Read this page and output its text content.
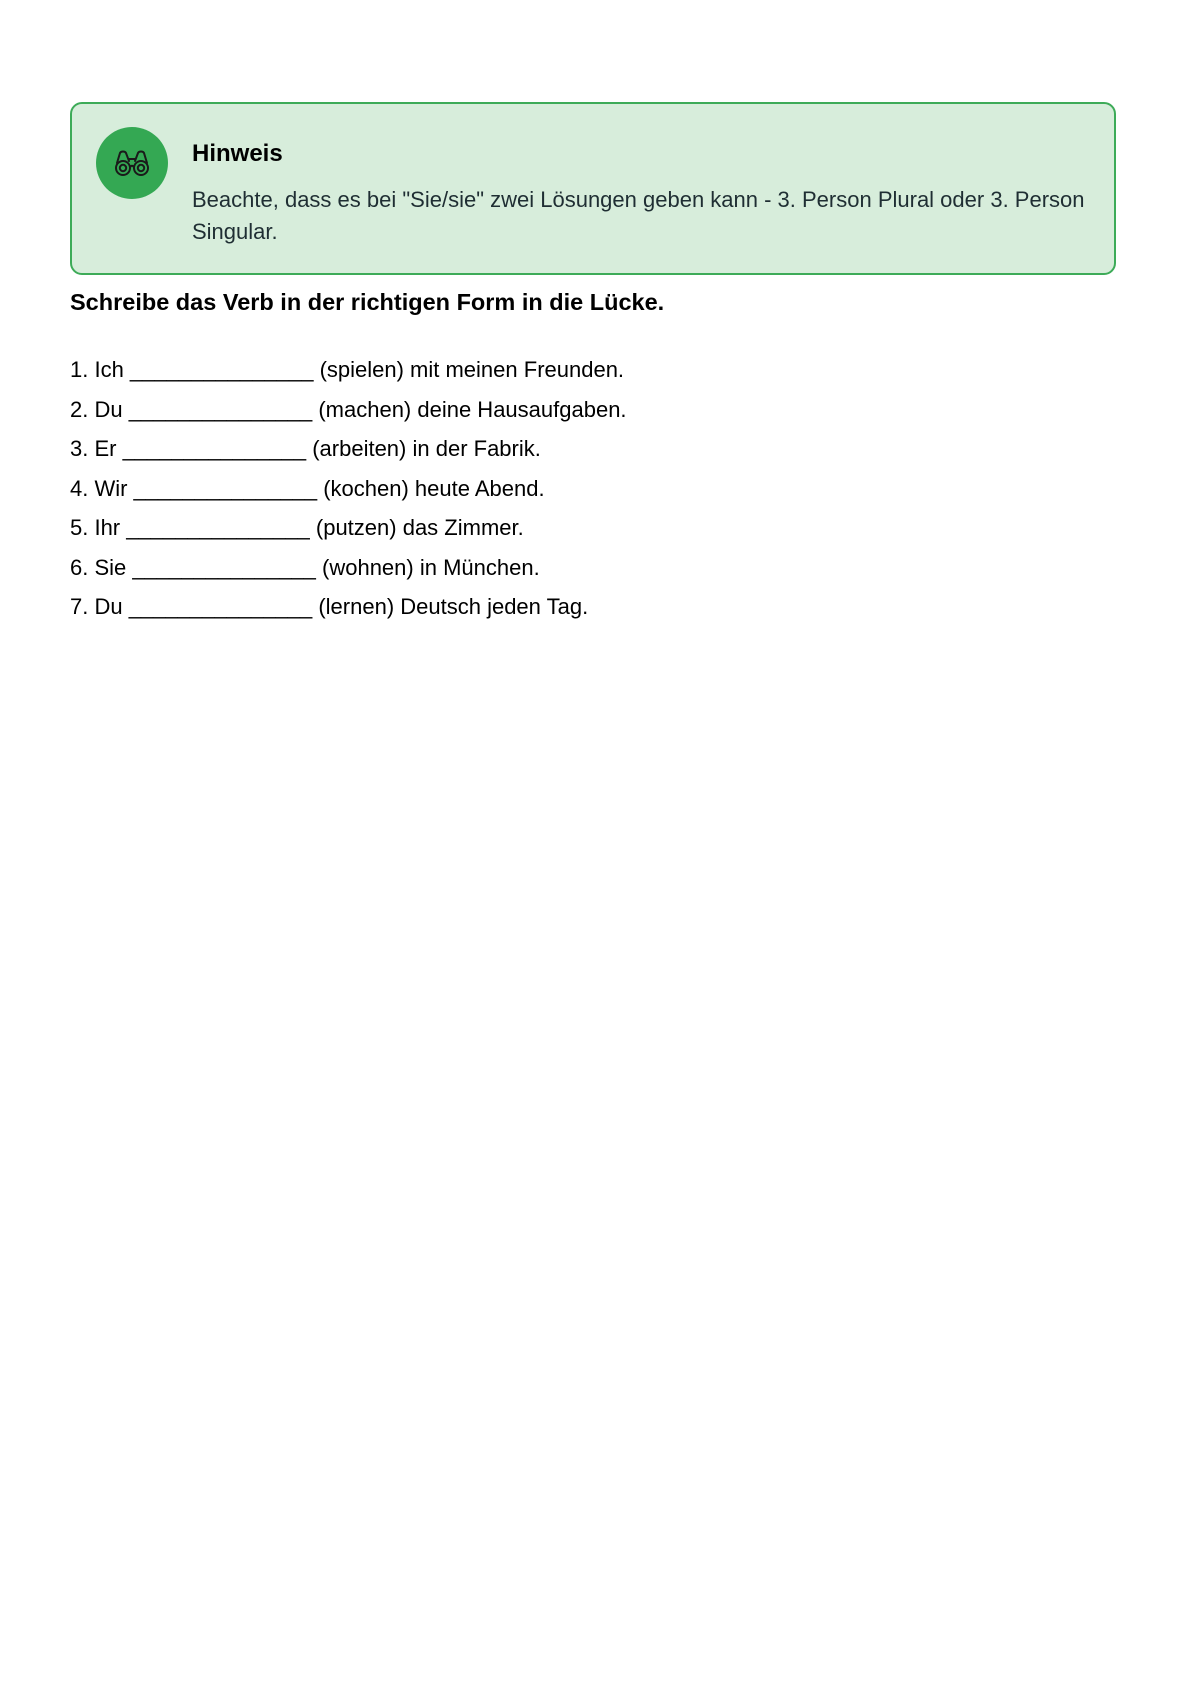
Hinweis
Beachte, dass es bei "Sie/sie" zwei Lösungen geben kann - 3. Person Plural oder 3. Person Singular.
Schreibe das Verb in der richtigen Form in die Lücke.
1. Ich _______________ (spielen) mit meinen Freunden.
2. Du _______________ (machen) deine Hausaufgaben.
3. Er _______________ (arbeiten) in der Fabrik.
4. Wir _______________ (kochen) heute Abend.
5. Ihr _______________ (putzen) das Zimmer.
6. Sie _______________ (wohnen) in München.
7. Du _______________ (lernen) Deutsch jeden Tag.
